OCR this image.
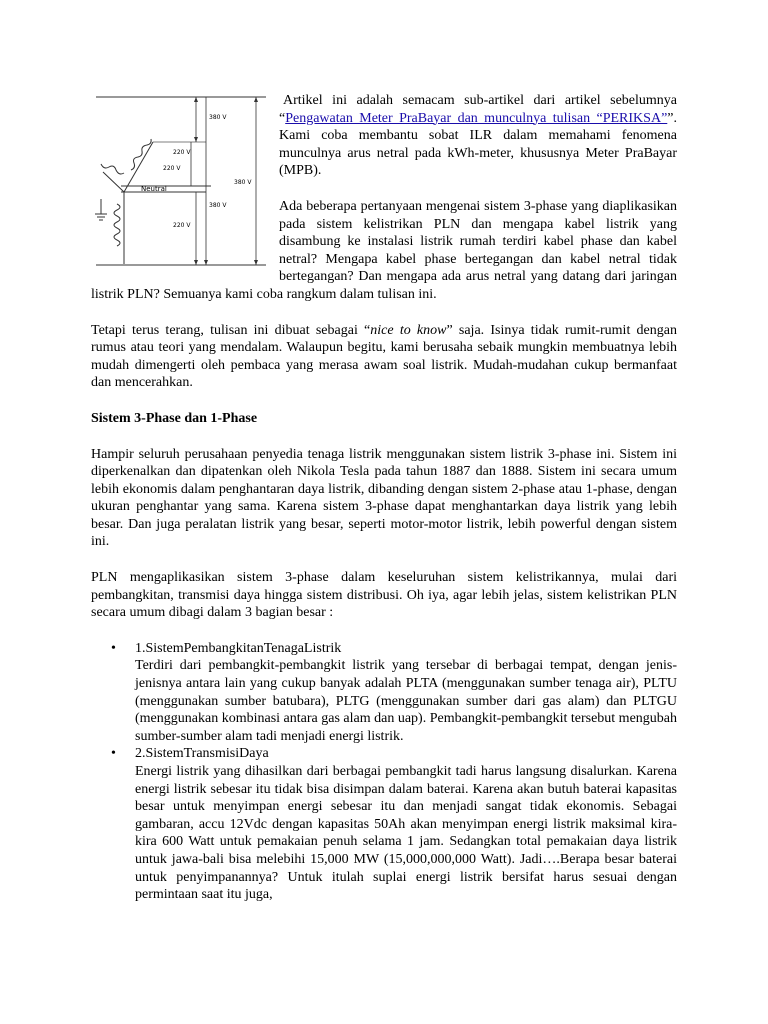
380 V
220 V
220 V
Neutral
380 V
380 V
220 V

Artikel ini adalah semacam sub-artikel dari artikel sebelumnya “Pengawatan Meter PraBayar dan munculnya tulisan “PERIKSA””. Kami coba membantu sobat ILR dalam memahami fenomena munculnya arus netral pada kWh-meter, khususnya Meter PraBayar (MPB).

Ada beberapa pertanyaan mengenai sistem 3-phase yang diaplikasikan pada sistem kelistrikan PLN dan mengapa kabel listrik yang disambung ke instalasi listrik rumah terdiri kabel phase dan kabel netral? Mengapa kabel phase bertegangan dan kabel netral tidak bertegangan? Dan mengapa ada arus netral yang datang dari jaringan listrik PLN? Semuanya kami coba rangkum dalam tulisan ini.

Tetapi terus terang, tulisan ini dibuat sebagai “nice to know” saja. Isinya tidak rumit-rumit dengan rumus atau teori yang mendalam. Walaupun begitu, kami berusaha sebaik mungkin membuatnya lebih mudah dimengerti oleh pembaca yang merasa awam soal listrik. Mudah-mudahan cukup bermanfaat dan mencerahkan.

Sistem 3-Phase dan 1-Phase

Hampir seluruh perusahaan penyedia tenaga listrik menggunakan sistem listrik 3-phase ini. Sistem ini diperkenalkan dan dipatenkan oleh Nikola Tesla pada tahun 1887 dan 1888. Sistem ini secara umum lebih ekonomis dalam penghantaran daya listrik, dibanding dengan sistem 2-phase atau 1-phase, dengan ukuran penghantar yang sama. Karena sistem 3-phase dapat menghantarkan daya listrik yang lebih besar. Dan juga peralatan listrik yang besar, seperti motor-motor listrik, lebih powerful dengan sistem ini.

PLN mengaplikasikan sistem 3-phase dalam keseluruhan sistem kelistrikannya, mulai dari pembangkitan, transmisi daya hingga sistem distribusi. Oh iya, agar lebih jelas, sistem kelistrikan PLN secara umum dibagi dalam 3 bagian besar :

• 1.SistemPembangkitanTenagaListrik
Terdiri dari pembangkit-pembangkit listrik yang tersebar di berbagai tempat, dengan jenis-jenisnya antara lain yang cukup banyak adalah PLTA (menggunakan sumber tenaga air), PLTU (menggunakan sumber batubara), PLTG (menggunakan sumber dari gas alam) dan PLTGU (menggunakan kombinasi antara gas alam dan uap). Pembangkit-pembangkit tersebut mengubah sumber-sumber alam tadi menjadi energi listrik.
• 2.SistemTransmisiDaya
Energi listrik yang dihasilkan dari berbagai pembangkit tadi harus langsung disalurkan. Karena energi listrik sebesar itu tidak bisa disimpan dalam baterai. Karena akan butuh baterai kapasitas besar untuk menyimpan energi sebesar itu dan menjadi sangat tidak ekonomis. Sebagai gambaran, accu 12Vdc dengan kapasitas 50Ah akan menyimpan energi listrik maksimal kira-kira 600 Watt untuk pemakaian penuh selama 1 jam. Sedangkan total pemakaian daya listrik untuk jawa-bali bisa melebihi 15,000 MW (15,000,000,000 Watt). Jadi….Berapa besar baterai untuk penyimpanannya? Untuk itulah suplai energi listrik bersifat harus sesuai dengan permintaan saat itu juga,
